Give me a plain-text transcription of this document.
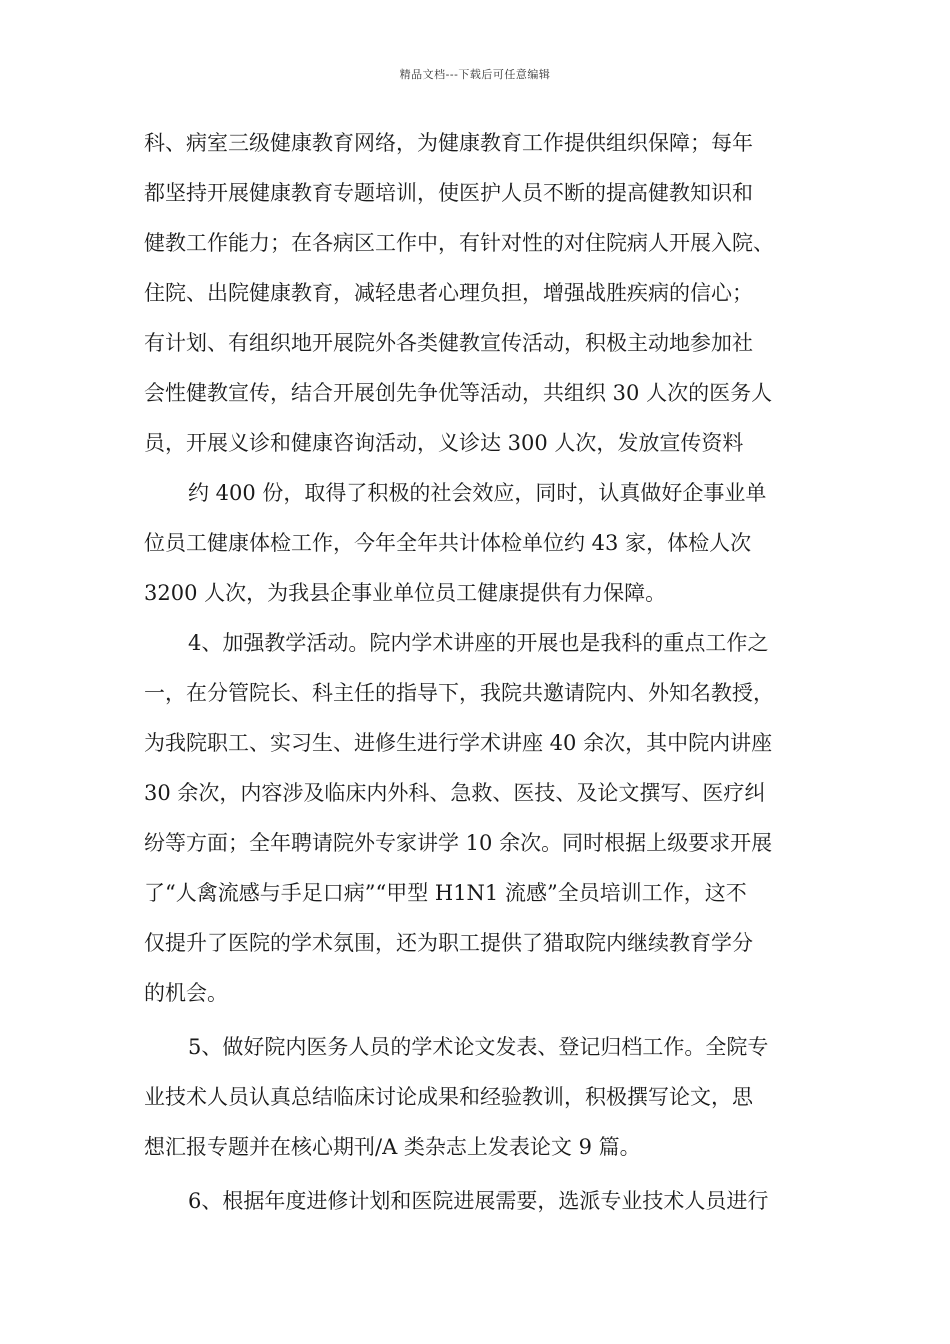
精品文档---下载后可任意编辑
科、病室三级健康教育网络，为健康教育工作提供组织保障；每年
都坚持开展健康教育专题培训，使医护人员不断的提高健教知识和
健教工作能力；在各病区工作中，有针对性的对住院病人开展入院、
住院、出院健康教育，减轻患者心理负担，增强战胜疾病的信心；
有计划、有组织地开展院外各类健教宣传活动，积极主动地参加社
会性健教宣传，结合开展创先争优等活动，共组织 30 人次的医务人
员，开展义诊和健康咨询活动，义诊达 300 人次，发放宣传资料
约 400 份，取得了积极的社会效应，同时，认真做好企事业单
位员工健康体检工作，今年全年共计体检单位约 43 家，体检人次
3200 人次，为我县企事业单位员工健康提供有力保障。
4、加强教学活动。院内学术讲座的开展也是我科的重点工作之
一，在分管院长、科主任的指导下，我院共邀请院内、外知名教授，
为我院职工、实习生、进修生进行学术讲座 40 余次，其中院内讲座
30 余次，内容涉及临床内外科、急救、医技、及论文撰写、医疗纠
纷等方面；全年聘请院外专家讲学 10 余次。同时根据上级要求开展
了“人禽流感与手足口病”“甲型 H1N1 流感”全员培训工作，这不
仅提升了医院的学术氛围，还为职工提供了猎取院内继续教育学分
的机会。
5、做好院内医务人员的学术论文发表、登记归档工作。全院专
业技术人员认真总结临床讨论成果和经验教训，积极撰写论文，思
想汇报专题并在核心期刊/A 类杂志上发表论文 9 篇。
6、根据年度进修计划和医院进展需要，选派专业技术人员进行
